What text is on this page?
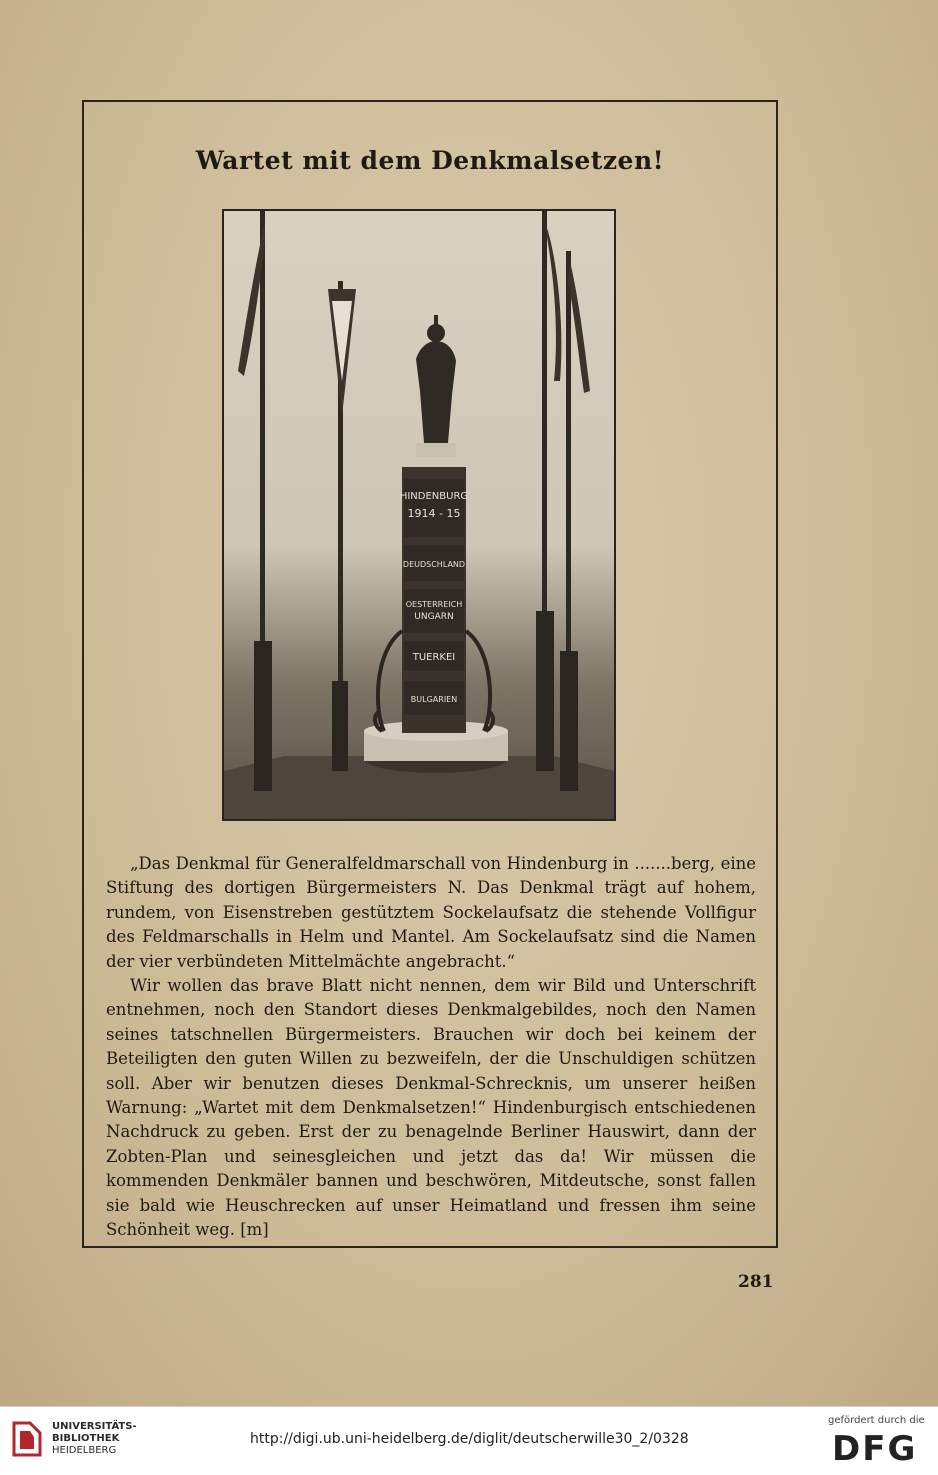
Wartet mit dem Denkmalsetzen!
HINDENBURG
1914 - 15
DEUDSCHLAND
OESTERREICH
UNGARN
TUERKEI
BULGARIEN

„Das Denkmal für Generalfeldmarschall von Hindenburg in .......berg, eine Stiftung des dortigen Bürgermeisters N. Das Denkmal trägt auf hohem, rundem, von Eisenstreben gestütztem Sockelaufsatz die stehende Vollfigur des Feldmarschalls in Helm und Mantel. Am Sockelaufsatz sind die Namen der vier verbündeten Mittelmächte angebracht.“

Wir wollen das brave Blatt nicht nennen, dem wir Bild und Unterschrift entnehmen, noch den Standort dieses Denkmalgebildes, noch den Namen seines tatschnellen Bürgermeisters. Brauchen wir doch bei keinem der Beteiligten den guten Willen zu bezweifeln, der die Unschuldigen schützen soll. Aber wir benutzen dieses Denkmal-Schrecknis, um unserer heißen Warnung: „Wartet mit dem Denkmalsetzen!“ Hindenburgisch entschiedenen Nachdruck zu geben. Erst der zu benagelnde Berliner Hauswirt, dann der Zobten-Plan und seinesgleichen und jetzt das da! Wir müssen die kommenden Denkmäler bannen und beschwören, Mitdeutsche, sonst fallen sie bald wie Heuschrecken auf unser Heimatland und fressen ihm seine Schönheit weg. [m]

281
UNIVERSITÄTS-
BIBLIOTHEK
HEIDELBERG
http://digi.ub.uni-heidelberg.de/diglit/deutscherwille30_2/0328
gefördert durch die
DFG
